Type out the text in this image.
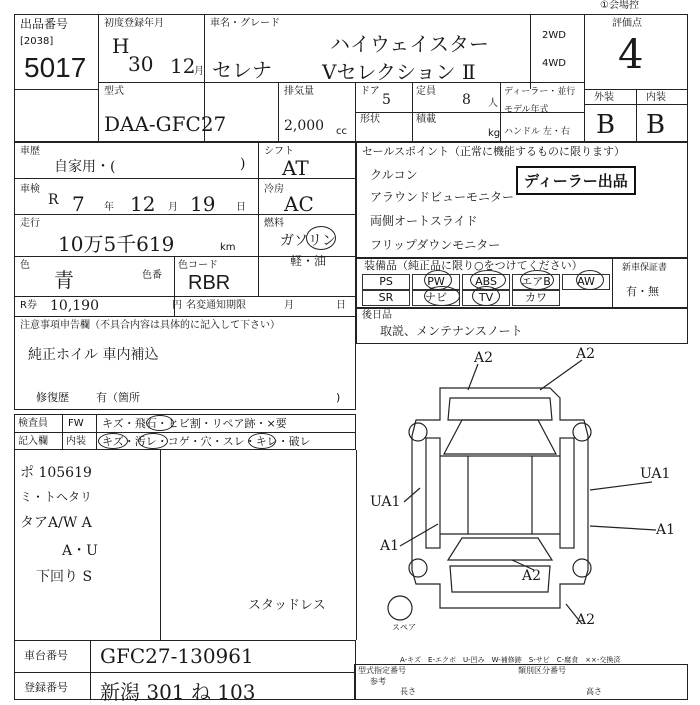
出品番号
[2038]
5017
初度登録年月
H
30 12
月
車名・グレード
セレナ
ハイウェイスター
Vセレクション Ⅱ
2WD
4WD
評価点
4
①会場控
型式
DAA-GFC27
排気量
2,000 cc
ドア
5
定員
8 人
形状	積載
kg
ディーラー・並行
モデル年式
ハンドル 左・右
外装	内装
B B
車歴
自家用・(	)
シフト
AT
車検
R 7 年 12 月 19 日
冷房
AC
走行
10万5千619	km
燃料
ガソリン
軽・油
色
青	色番
色コード
RBR
R券 10,190	円 名変通知期限	月	日
注意事項申告欄（不具合内容は具体的に記入して下さい）
純正ホイル 車内補込
修復歴 有（箇所	)
検査員
記入欄
FW
内装
キズ・飛石・ヒビ割・リペア跡・×要
キズ・汚レ・コゲ・穴・スレ・キレ・破レ
ポ 105619
ミ・トヘタリ
タアA/W A
A・U
下回り S
スタッドレス
セールスポイント（正常に機能するものに限ります）
クルコン
アラウンドビューモニター
両側オートスライド
フリップダウンモニター
ディーラー出品
装備品（純正品に限り○をつけてください）	新車保証書
有・無
PS	PW	ABS	エアB	AW
SR	ナビ	TV	カワ
後日品
取説、メンテナンスノート
A2	A2
UA1
UA1
A1
A1
A2
A2
スペア
A-キズ　E-エクボ　U-凹み　W-補修跡　S-サビ　C-腐食　××-交換済
型式指定番号	類別区分番号
参考
長さ	高さ
車台番号 GFC27-130961
登録番号 新潟 301 ね 103
